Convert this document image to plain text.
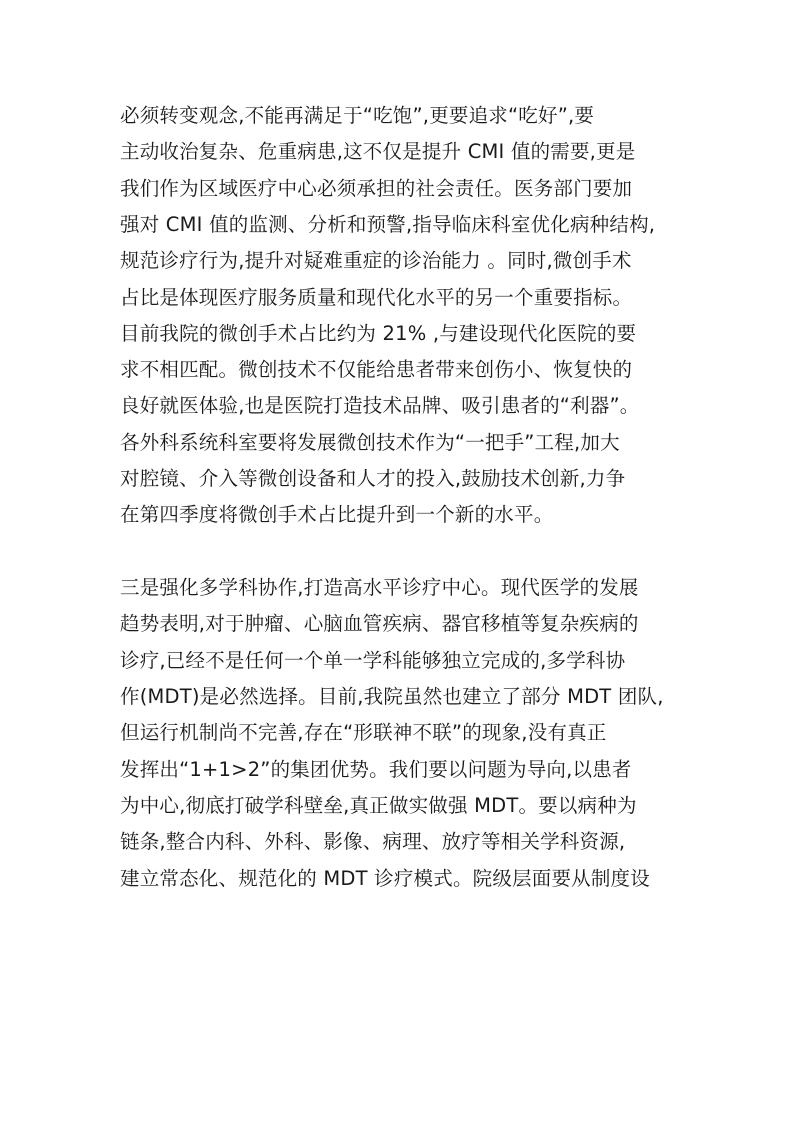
必须转变观念,不能再满足于“吃饱”,更要追求“吃好”,要
主动收治复杂、危重病患,这不仅是提升 CMI 值的需要,更是
我们作为区域医疗中心必须承担的社会责任。医务部门要加
强对 CMI 值的监测、分析和预警,指导临床科室优化病种结构,
规范诊疗行为,提升对疑难重症的诊治能力 。同时,微创手术
占比是体现医疗服务质量和现代化水平的另一个重要指标。
目前我院的微创手术占比约为 21% ,与建设现代化医院的要
求不相匹配。微创技术不仅能给患者带来创伤小、恢复快的
良好就医体验,也是医院打造技术品牌、吸引患者的“利器”。
各外科系统科室要将发展微创技术作为“一把手”工程,加大
对腔镜、介入等微创设备和人才的投入,鼓励技术创新,力争
在第四季度将微创手术占比提升到一个新的水平。
三是强化多学科协作,打造高水平诊疗中心。现代医学的发展
趋势表明,对于肿瘤、心脑血管疾病、器官移植等复杂疾病的
诊疗,已经不是任何一个单一学科能够独立完成的,多学科协
作(MDT)是必然选择。目前,我院虽然也建立了部分 MDT 团队,
但运行机制尚不完善,存在“形联神不联”的现象,没有真正
发挥出“1+1>2”的集团优势。我们要以问题为导向,以患者
为中心,彻底打破学科壁垒,真正做实做强 MDT。要以病种为
链条,整合内科、外科、影像、病理、放疗等相关学科资源,
建立常态化、规范化的 MDT 诊疗模式。院级层面要从制度设
